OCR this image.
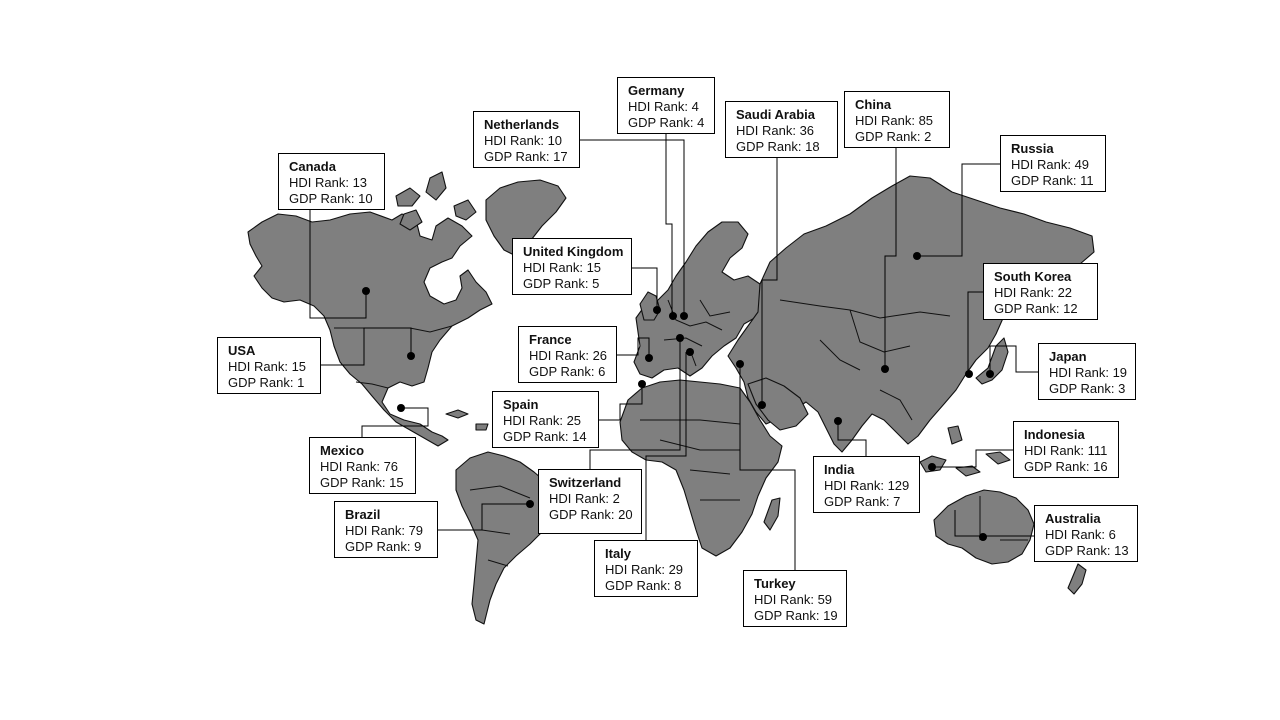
Germany
HDI Rank: 4
GDP Rank: 4
Saudi Arabia
HDI Rank: 36
GDP Rank: 18
China
HDI Rank: 85
GDP Rank: 2
Netherlands
HDI Rank: 10
GDP Rank: 17
Russia
HDI Rank: 49
GDP Rank: 11
Canada
HDI Rank: 13
GDP Rank: 10
United Kingdom
HDI Rank: 15
GDP Rank: 5	South Korea
HDI Rank: 22
GDP Rank: 12
France
HDI Rank: 26
GDP Rank: 6
USA
HDI Rank: 15
GDP Rank: 1
Japan
HDI Rank: 19
GDP Rank: 3
Spain
HDI Rank: 25
GDP Rank: 14	Indonesia
HDI Rank: 111
GDP Rank: 16
Mexico
HDI Rank: 76
GDP Rank: 15
India
HDI Rank: 129
GDP Rank: 7
Switzerland
HDI Rank: 2
GDP Rank: 20
Brazil
HDI Rank: 79
GDP Rank: 9
Australia
HDI Rank: 6
GDP Rank: 13
Italy
HDI Rank: 29
GDP Rank: 8	Turkey
HDI Rank: 59
GDP Rank: 19
